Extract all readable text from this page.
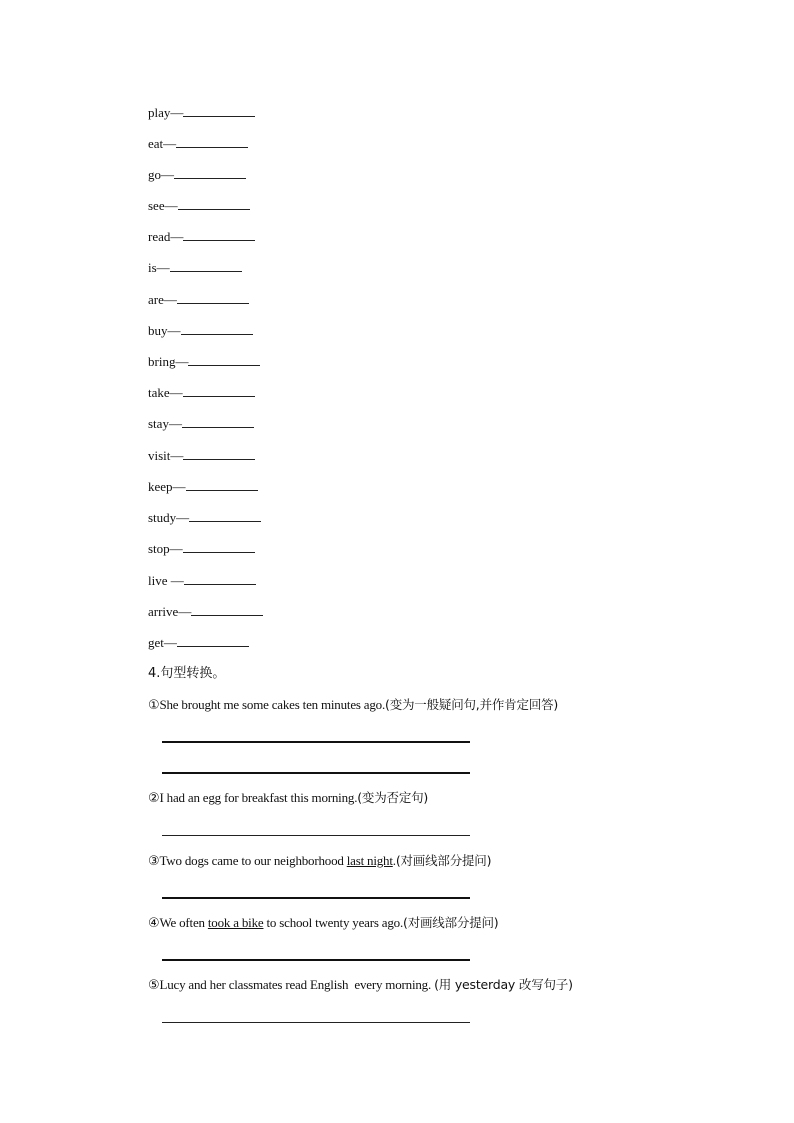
play—
eat—
go—
see—
read—
is—
are—
buy—
bring—
take—
stay—
visit—
keep—
study—
stop—
live —
arrive—
get—
4.句型转换。
①She brought me some cakes ten minutes ago.(变为一般疑问句,并作肯定回答)
②I had an egg for breakfast this morning.(变为否定句)
③Two dogs came to our neighborhood last night.(对画线部分提问)
④We often took a bike to school twenty years ago.(对画线部分提问)
⑤Lucy and her classmates read English  every morning. (用 yesterday 改写句子)
